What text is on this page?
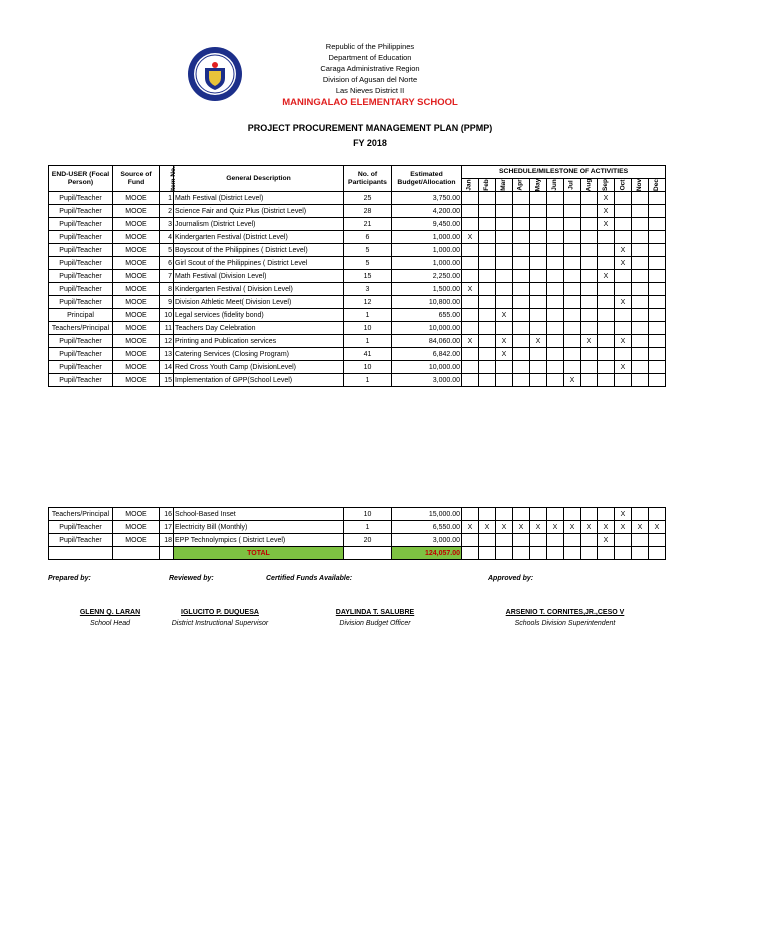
Republic of the Philippines
Department of Education
Caraga Administrative Region
Division of Agusan del Norte
Las Nieves District II
MANINGALAO ELEMENTARY SCHOOL
PROJECT PROCUREMENT MANAGEMENT PLAN (PPMP)
FY 2018
END-USER (Focal Person)	Source of Fund	Item No.	General Description	No. of Participants	Estimated Budget/Allocation	SCHEDULE/MILESTONE OF ACTIVITIES											
						Jan	Feb	Mar	Apr	May	Jun	Jul	Aug	Sep	Oct	Nov	Dec
Pupil/Teacher	MOOE	1	Math Festival (District Level)	25	3,750.00									X			
Pupil/Teacher	MOOE	2	Science Fair and Quiz Plus (District Level)	28	4,200.00									X			
Pupil/Teacher	MOOE	3	Journalism (District Level)	21	9,450.00									X			
Pupil/Teacher	MOOE	4	Kindergarten Festival (District Level)	6	1,000.00	X											
Pupil/Teacher	MOOE	5	Boyscout of the Philippines ( District Level)	5	1,000.00										X		
Pupil/Teacher	MOOE	6	Girl Scout of the Philippines ( District Level	5	1,000.00										X		
Pupil/Teacher	MOOE	7	Math Festival (Division Level)	15	2,250.00									X			
Pupil/Teacher	MOOE	8	Kindergarten Festival ( Division Level)	3	1,500.00	X											
Pupil/Teacher	MOOE	9	Division Athletic Meet( Division Level)	12	10,800.00										X		
Principal	MOOE	10	Legal services (fidelity bond)	1	655.00			X									
Teachers/Principal	MOOE	11	Teachers Day Celebration	10	10,000.00												
Pupil/Teacher	MOOE	12	Printing and Publication services	1	84,060.00	X		X		X			X		X		
Pupil/Teacher	MOOE	13	Catering Services (Closing Program)	41	6,842.00			X									
Pupil/Teacher	MOOE	14	Red Cross Youth Camp (DivisionLevel)	10	10,000.00										X		
Pupil/Teacher	MOOE	15	Implementation of GPP(School Level)	1	3,000.00							X					
Teachers/Principal	MOOE	16	School-Based Inset	10	15,000.00										X		
Pupil/Teacher	MOOE	17	Electricity Bill (Monthly)	1	6,550.00	X	X	X	X	X	X	X	X	X	X	X	X
Pupil/Teacher	MOOE	18	EPP Technolympics ( District Level)	20	3,000.00									X			
			TOTAL		124,057.00												
Prepared by:	Reviewed by:	Certified Funds Available:	Approved by:
GLENN Q. LARAN
School Head
IGLUCITO P. DUQUESA
District Instructional Supervisor
DAYLINDA T. SALUBRE
Division Budget Officer
ARSENIO T. CORNITES,JR.,CESO V
Schools Division Superintendent
